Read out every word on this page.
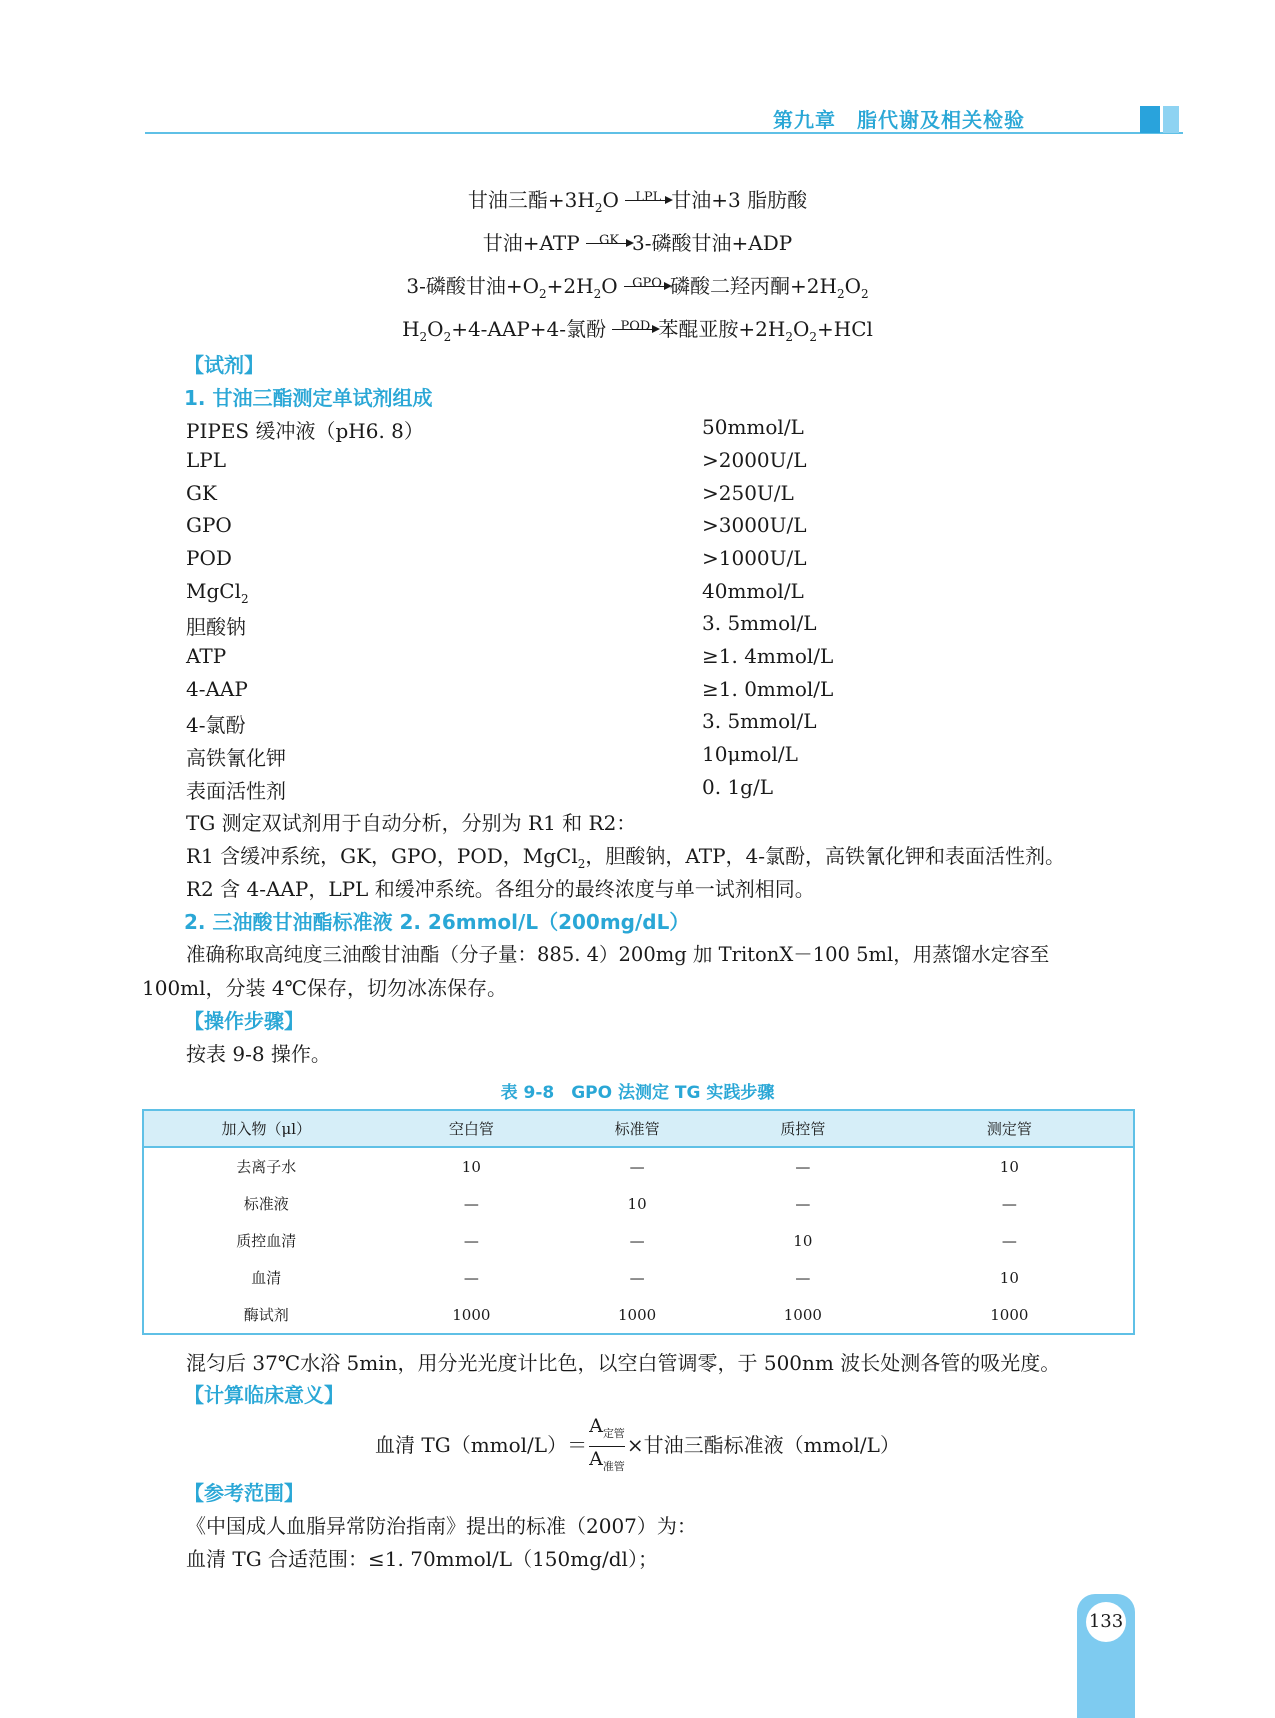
第九章　脂代谢及相关检验
甘油三酯$+3H_2O$	LPL 甘油+3 脂肪酸
甘油+ATP	GK 3-磷酸甘油+ADP
3-磷酸甘油$+O_2+2H_2O$	GPO 磷酸二羟丙酮$+2H_2O_2$
$H_2O_2+4-AAP+4-$氯酚	POD 苯醌亚胺$+2H_2O_2+HCl$
【试剂】
1. 甘油三酯测定单试剂组成
PIPES 缓冲液（pH6. 8）	50mmol/L
LPL	>2000U/L
GK	>250U/L
GPO	>3000U/L
POD	>1000U/L
MgCl$_2$	40mmol/L
胆酸钠	3. 5mmol/L
ATP	≥1. 4mmol/L
4-AAP	≥1. 0mmol/L
4-氯酚	3. 5mmol/L
高铁氰化钾	10μmol/L
表面活性剂	0. 1g/L
TG 测定双试剂用于自动分析，分别为 R1 和 R2：
R1 含缓冲系统，GK，GPO，POD，MgCl$_2$，胆酸钠，ATP，4-氯酚，高铁氰化钾和表面活性剂。
R2 含 4-AAP，LPL 和缓冲系统。各组分的最终浓度与单一试剂相同。
2. 三油酸甘油酯标准液 2. 26mmol/L（200mg/dL）
准确称取高纯度三油酸甘油酯（分子量：885. 4）200mg 加 TritonX－100 5ml，用蒸馏水定容至
100ml，分装 4℃保存，切勿冰冻保存。
【操作步骤】
按表 9-8 操作。
表 9-8　GPO 法测定 TG 实践步骤
加入物（μl）	空白管	标准管	质控管	测定管
去离子水	10	—	—	10
标准液	—	10	—	—
质控血清	—	—	10	—
血清	—	—	—	10
酶试剂	1000	1000	1000	1000
混匀后 37℃水浴 5min，用分光光度计比色，以空白管调零，于 500nm 波长处测各管的吸光度。
【计算临床意义】
血清 TG（mmol/L）＝ $\frac{A_{定管}}{A_{准管}}$ ×甘油三酯标准液（mmol/L）
【参考范围】
《中国成人血脂异常防治指南》提出的标准（2007）为：
血清 TG 合适范围：≤1. 70mmol/L（150mg/dl）；
133
